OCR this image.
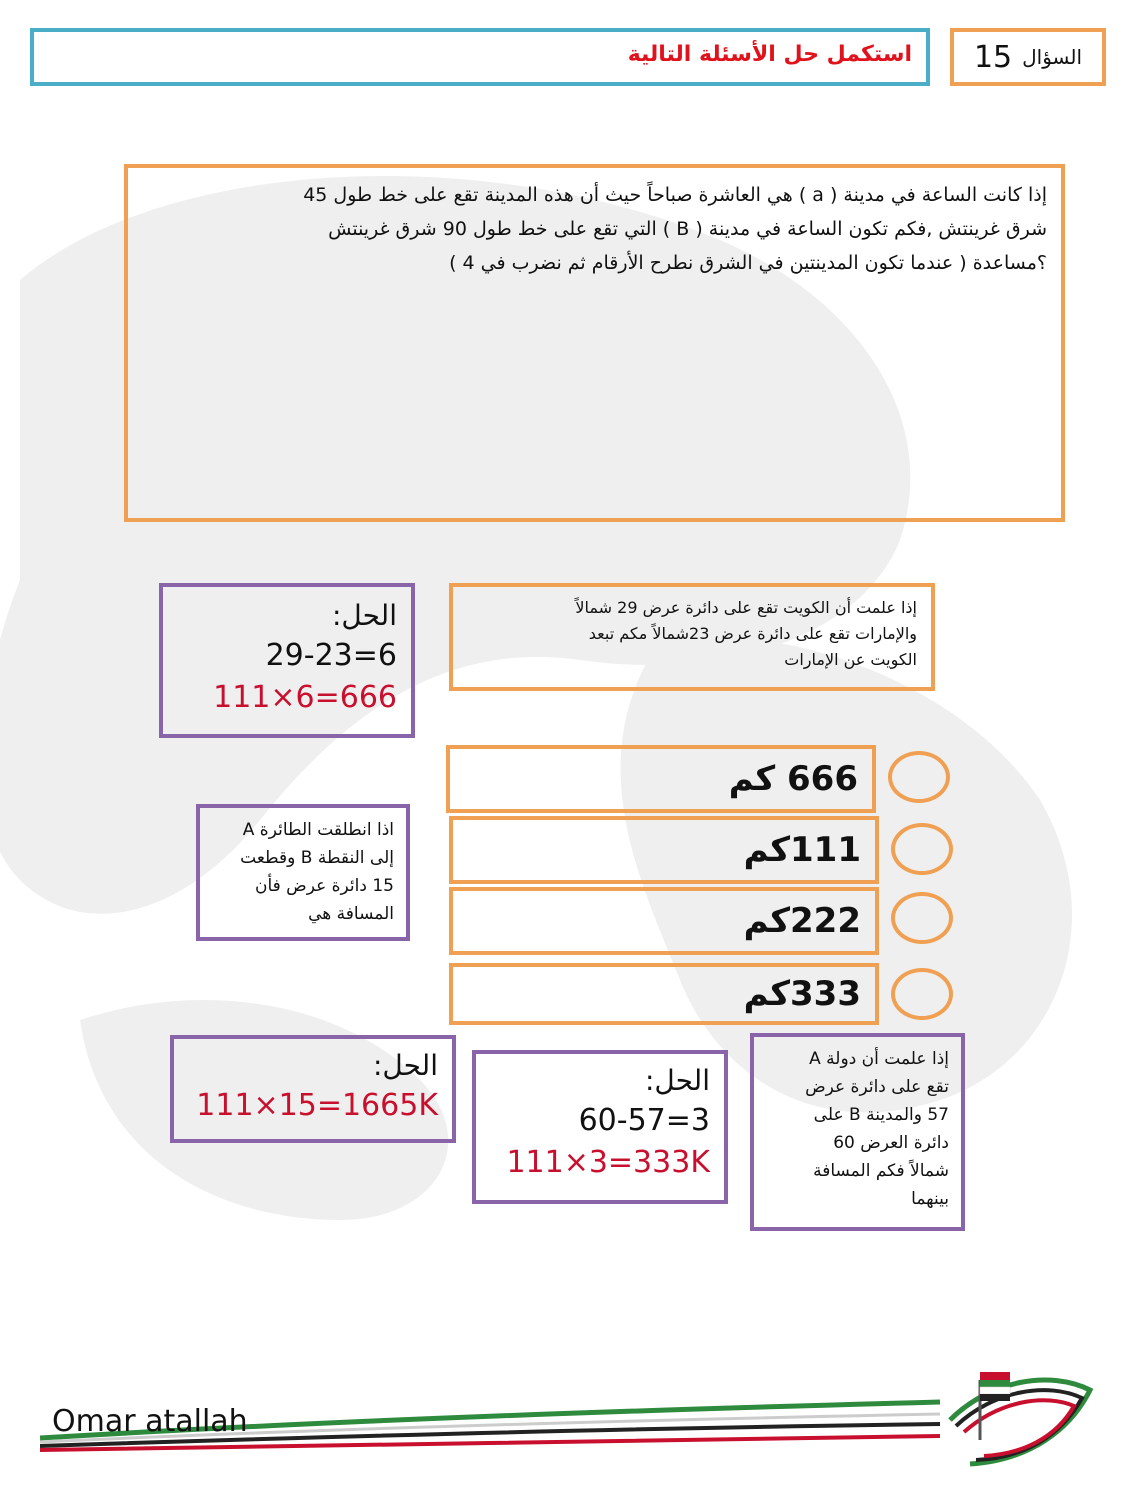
استكمل حل الأسئلة التالية	السؤال
15
إذا كانت الساعة في مدينة ( a ) هي العاشرة صباحاً حيث أن هذه المدينة تقع على خط طول 45
شرق غرينتش ,فكم تكون الساعة في مدينة ( B ) التي تقع على خط طول 90 شرق غرينتش
؟مساعدة ( عندما تكون المدينتين في الشرق نطرح الأرقام ثم نضرب في 4 )
إذا علمت أن الكويت تقع على دائرة عرض 29 شمالاً
والإمارات تقع على دائرة عرض 23شمالاً مكم تبعد
الكويت عن الإمارات
الحل:
29-23=6
111×6=666
666 كم
111كم
222كم
333كم
اذا انطلقت الطائرة A
إلى النقطة B وقطعت
15 دائرة عرض فأن
المسافة هي
إذا علمت أن دولة A
تقع على دائرة عرض
57 والمدينة B على
دائرة العرض 60
شمالاً فكم المسافة
بينهما
الحل:
111×15=1665K
الحل:
60-57=3
111×3=333K
Omar atallah
